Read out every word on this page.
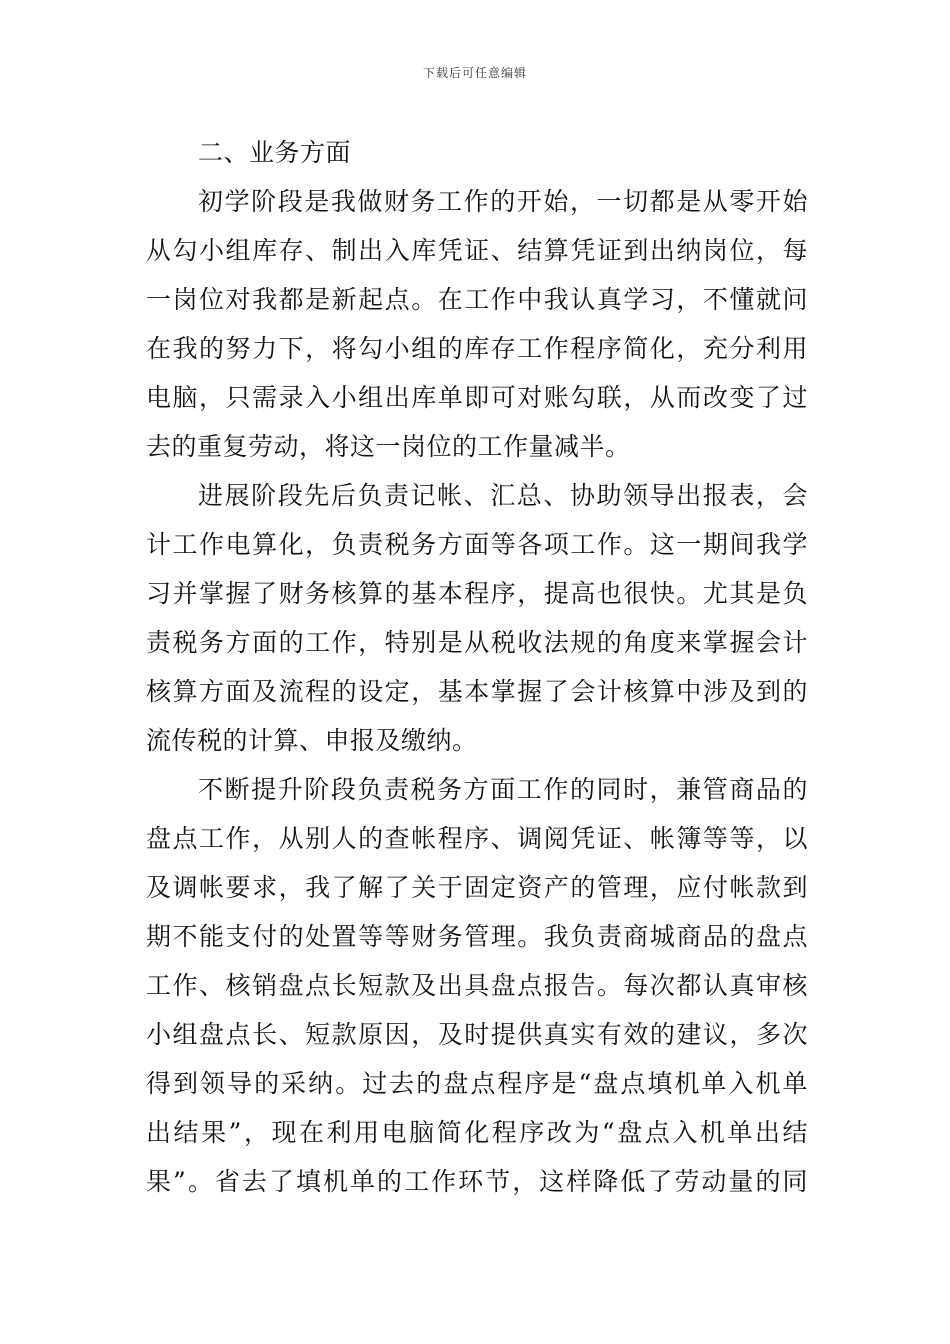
下载后可任意编辑
二、业务方面
初学阶段是我做财务工作的开始，一切都是从零开始
从勾小组库存、制出入库凭证、结算凭证到出纳岗位，每
一岗位对我都是新起点。在工作中我认真学习，不懂就问
在我的努力下，将勾小组的库存工作程序简化，充分利用
电脑，只需录入小组出库单即可对账勾联，从而改变了过
去的重复劳动，将这一岗位的工作量减半。
进展阶段先后负责记帐、汇总、协助领导出报表，会
计工作电算化，负责税务方面等各项工作。这一期间我学
习并掌握了财务核算的基本程序，提高也很快。尤其是负
责税务方面的工作，特别是从税收法规的角度来掌握会计
核算方面及流程的设定，基本掌握了会计核算中涉及到的
流传税的计算、申报及缴纳。
不断提升阶段负责税务方面工作的同时，兼管商品的
盘点工作，从别人的查帐程序、调阅凭证、帐簿等等，以
及调帐要求，我了解了关于固定资产的管理，应付帐款到
期不能支付的处置等等财务管理。我负责商城商品的盘点
工作、核销盘点长短款及出具盘点报告。每次都认真审核
小组盘点长、短款原因，及时提供真实有效的建议，多次
得到领导的采纳。过去的盘点程序是“盘点填机单入机单
出结果”，现在利用电脑简化程序改为“盘点入机单出结
果”。省去了填机单的工作环节，这样降低了劳动量的同
